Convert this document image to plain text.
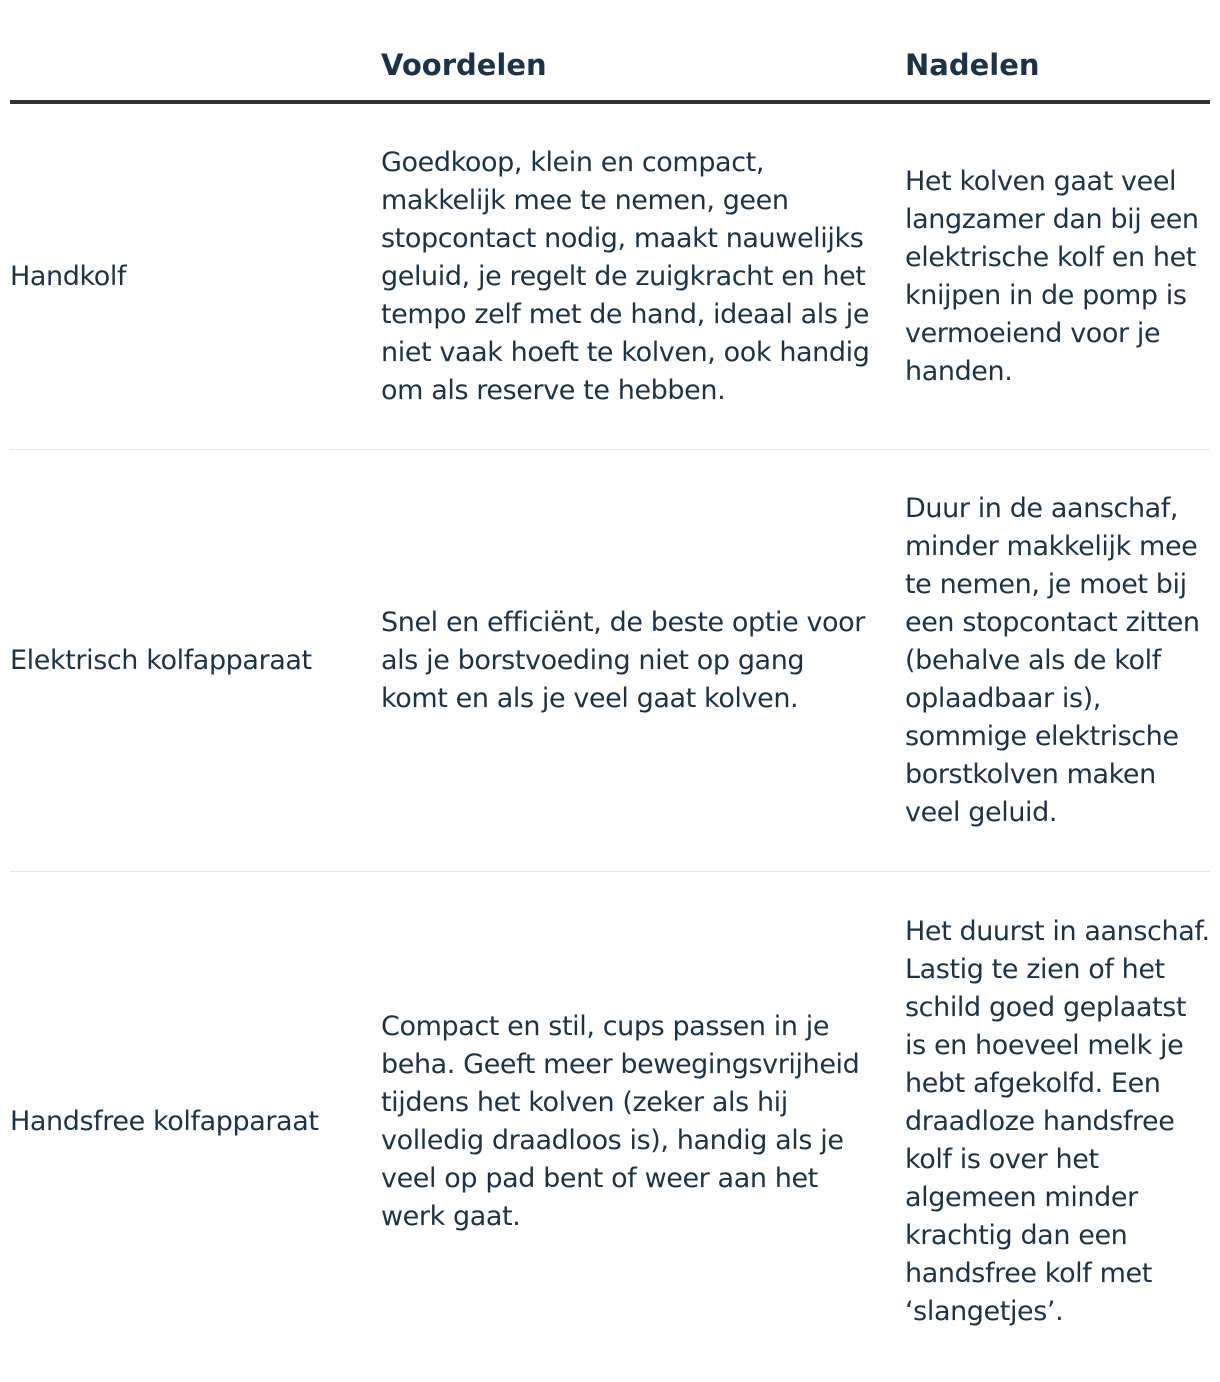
	Voordelen	Nadelen
Handkolf	Goedkoop, klein en compact, makkelijk mee te nemen, geen stopcontact nodig, maakt nauwelijks geluid, je regelt de zuigkracht en het tempo zelf met de hand, ideaal als je niet vaak hoeft te kolven, ook handig om als reserve te hebben.	Het kolven gaat veel langzamer dan bij een elektrische kolf en het knijpen in de pomp is vermoeiend voor je handen.
Elektrisch kolfapparaat	Snel en efficiënt, de beste optie voor als je borstvoeding niet op gang komt en als je veel gaat kolven.	Duur in de aanschaf, minder makkelijk mee te nemen, je moet bij een stopcontact zitten (behalve als de kolf oplaadbaar is), sommige elektrische borstkolven maken veel geluid.
Handsfree kolfapparaat	Compact en stil, cups passen in je beha. Geeft meer bewegingsvrijheid tijdens het kolven (zeker als hij volledig draadloos is), handig als je veel op pad bent of weer aan het werk gaat.	Het duurst in aanschaf. Lastig te zien of het schild goed geplaatst is en hoeveel melk je hebt afgekolfd. Een draadloze handsfree kolf is over het algemeen minder krachtig dan een handsfree kolf met ‘slangetjes’.
